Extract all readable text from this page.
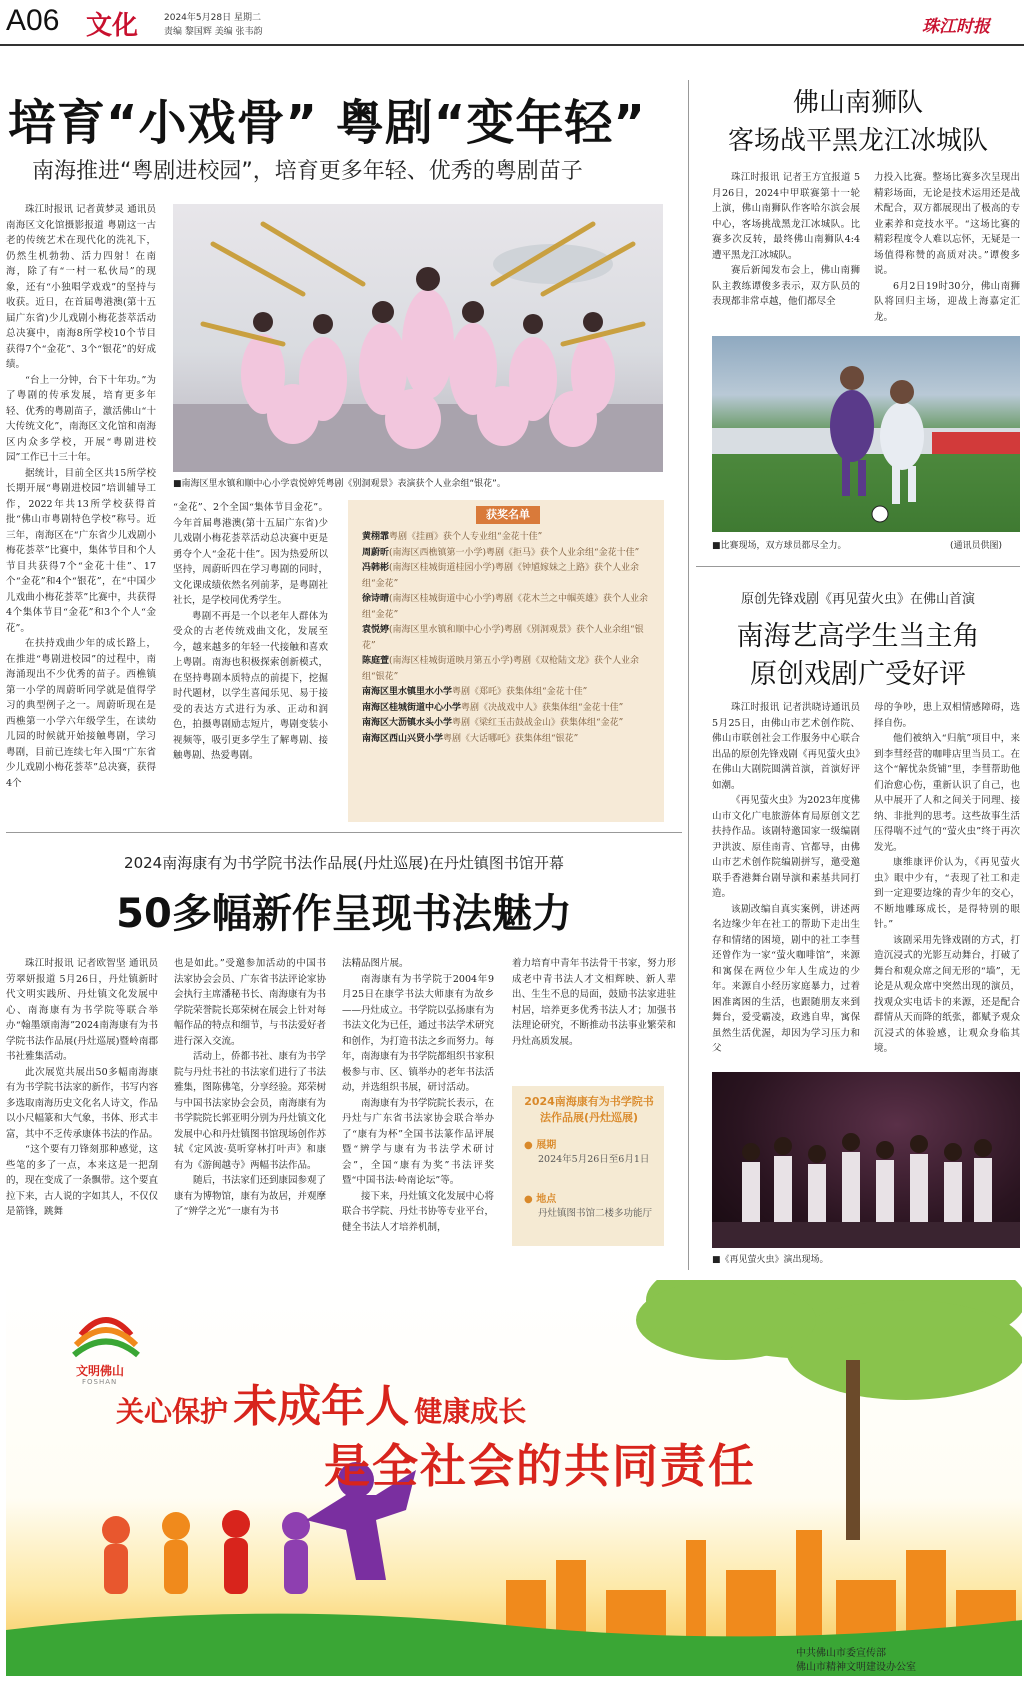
A06 文化	2024年5月28日 星期二
责编 黎国辉 美编 张韦韵	珠江时报
培育“小戏骨” 粤剧“变年轻”
南海推进“粤剧进校园”，培育更多年轻、优秀的粤剧苗子

珠江时报讯 记者黄梦灵 通讯员南海区文化馆摄影报道 粤剧这一古老的传统艺术在现代化的洗礼下，仍然生机勃勃、活力四射！在南海，除了有“一村一私伙局”的现象，还有“小独唱学戏戏”的坚持与收获。近日，在首届粤港澳(第十五届广东省)少儿戏剧小梅花荟萃活动总决赛中，南海8所学校10个节目获得7个“金花”、3个“银花”的好成绩。

“台上一分钟，台下十年功。”为了粤剧的传承发展，培育更多年轻、优秀的粤剧苗子，激活佛山“十大传统文化”，南海区文化馆和南海区内众多学校，开展“粤剧进校园”工作已十三十年。

据统计，目前全区共15所学校长期开展“粤剧进校园”培训辅导工作，2022年共13所学校获得首批“佛山市粤剧特色学校”称号。近三年，南海区在“广东省少儿戏剧小梅花荟萃”比赛中，集体节目和个人节目共获得7个“金花十佳”、17个“金花”和4个“银花”，在“中国少儿戏曲小梅花荟萃”比赛中，共获得4个集体节目“金花”和3个个人“金花”。

在扶持戏曲少年的成长路上，在推进“粤剧进校园”的过程中，南海涌现出不少优秀的苗子。西樵镇第一小学的周蔚昕同学就是值得学习的典型例子之一。周蔚昕现在是西樵第一小学六年级学生，在读幼儿园的时候就开始接触粤剧，学习粤剧，目前已连续七年入围“广东省少儿戏剧小梅花荟萃”总决赛，获得4个

■南海区里水镇和顺中心小学袁悦婷凭粤剧《别洞观景》表演获个人业余组“银花”。

“金花”、2个全国“集体节目金花”。今年首届粤港澳(第十五届广东省)少儿戏剧小梅花荟萃活动总决赛中更是勇夺个人“金花十佳”。因为热爱所以坚持，周蔚昕四在学习粤剧的同时，文化课成绩依然名列前茅，是粤剧社社长，是学校同优秀学生。

粤剧不再是一个以老年人群体为受众的古老传统戏曲文化，发展至今，越来越多的年轻一代接触和喜欢上粤剧。南海也积极探索创新模式，在坚持粤剧本质特点的前提下，挖掘时代题材，以学生喜闻乐见、易于接受的表达方式进行为承、正动和润色，拍摄粤剧励志短片，粤剧变装小视频等，吸引更多学生了解粤剧、接触粤剧、热爱粤剧。

获奖名单
黄栩霏粤剧《挂画》获个人专业组“金花十佳”
周蔚昕(南海区西樵镇第一小学)粤剧《拒马》获个人业余组“金花十佳”
冯韩彬(南海区桂城街道桂园小学)粤剧《钟馗嫁妹之上路》获个人业余组“金花”
徐诗晴(南海区桂城街道中心小学)粤剧《花木兰之中帼英雄》获个人业余组“金花”
袁悦婷(南海区里水镇和顺中心小学)粤剧《别洞观景》获个人业余组“银花”
陈庭萱(南海区桂城街道映月第五小学)粤剧《双枪陆文龙》获个人业余组“银花”
南海区里水镇里水小学粤剧《郑吒》获集体组“金花十佳”
南海区桂城街道中心小学粤剧《决战戏中人》获集体组“金花十佳”
南海区大沥镇水头小学粤剧《梁红玉击鼓战金山》获集体组“金花”
南海区西山兴贤小学粤剧《大话哪吒》获集体组“银花”
佛山南狮队
客场战平黑龙江冰城队

珠江时报讯 记者王方宜报道 5月26日，2024中甲联赛第十一轮上演，佛山南狮队作客哈尔滨会展中心，客场挑战黑龙江冰城队。比赛多次反转，最终佛山南狮队4:4遭平黑龙江冰城队。

赛后新闻发布会上，佛山南狮队主教练谭俊多表示，双方队员的表现都非常卓越，他们都尽全

力投入比赛。整场比赛多次呈现出精彩场面，无论是技术运用还是战术配合，双方都展现出了极高的专业素养和竞技水平。“这场比赛的精彩程度令人难以忘怀，无疑是一场值得称赞的高质对决。”谭俊多说。

6月2日19时30分，佛山南狮队将回归主场，迎战上海嘉定汇龙。

■比赛现场，双方球员都尽全力。	(通讯员供图)
原创先锋戏剧《再见萤火虫》在佛山首演
南海艺高学生当主角
原创戏剧广受好评

珠江时报讯 记者洪晓诗通讯员 5月25日，由佛山市艺术创作院、佛山市联创社会工作服务中心联合出品的原创先锋戏剧《再见萤火虫》在佛山大剧院圆满首演，首演好评如潮。

《再见萤火虫》为2023年度佛山市文化广电旅游体育局原创文艺扶持作品。该剧特邀国家一级编剧尹洪波、原佳南青、官都导，由佛山市艺术创作院编剧拼写，邀受邀联手香港舞台剧导演和素基共同打造。

该剧改编自真实案例，讲述两名边缘少年在社工的帮助下走出生存和情绪的困境，剧中的社工李彗还曾作为一家“萤火咖啡馆”，来源和寓保在两位少年人生成边的少年。来源自小经历家庭暴力，过着困准离困的生活，也跟随朋友来到舞台，爱受霸凌，政逃自卑，寓保虽然生活优渥，却因为学习压力和父

母的争吵，患上双相情感障碍，选择自伤。

他们被纳入“归航”项目中，来到李彗经营的咖啡店里当员工。在这个“解忧杂货铺”里，李彗帮助他们治愈心伤，重新认识了自己，也从中展开了人和之间关于同理、接纳、非批判的思考。这些故事生活压得喘不过气的“萤火虫”终于再次发光。

康维康评价认为，《再见萤火虫》眼中少有，“表现了社工和走到一定迎要边缘的青少年的交心，不断地雕琢成长，是得特别的眼针。”

该剧采用先锋戏剧的方式，打造沉浸式的光影互动舞台，打破了舞台和观众席之间无形的“墙”，无论是从观众席中突然出现的演员，找观众实电话卡的来源，还是配合群情从天而降的纸张，都赋予观众沉浸式的体验感，让观众身临其境。

■《再见萤火虫》演出现场。
2024南海康有为书学院书法作品展(丹灶巡展)在丹灶镇图书馆开幕
50多幅新作呈现书法魅力

珠江时报讯 记者欧智坚 通讯员劳翠妍报道 5月26日，丹灶镇新时代文明实践所、丹灶镇文化发展中心、南海康有为书学院等联合举办“翰墨颂南海”2024南海康有为书学院书法作品展(丹灶巡展)暨岭南郡书社雅集活动。

此次展览共展出50多幅南海康有为书学院书法家的新作，书写内容多选取南海历史文化名人诗文，作品以小尺幅篆和大气象，书体、形式丰富，其中不乏传承康体书法的作品。

“这个要有刀锋刻那种感觉，这些笔的多了一点，本来这是一把刮的，现在变成了一条飘带。这个要直拉下来，古人说的字如其人，不仅仅是箭锋，跳舞

也是如此。”受邀参加活动的中国书法家协会会员、广东省书法评论家协会执行主席潘秘书长、南海康有为书学院荣誉院长郑荣树在展会上针对每幅作品的特点和细节，与书法爱好者进行深入交流。

活动上，侨都书社、康有为书学院与丹灶书社的书法家们进行了书法雅集，图陈佛笔，分享经验。郑荣树与中国书法家协会会员，南海康有为书学院院长郭亚明分别为丹灶镇文化发展中心和丹灶镇图书馆现场创作苏轼《定风波·莫听穿林打叶声》和康有为《游闽越寺》两幅书法作品。

随后，书法家们还到康园参观了康有为博物馆，康有为故居，并观摩了“辨学之光”一康有为书

法精品图片展。

南海康有为书学院于2004年9月25日在康学书法大师康有为故乡——丹灶成立。书学院以弘扬康有为书法文化为已任，通过书法学术研究和创作，为打造书法之乡而努力。每年，南海康有为书学院都组织书家积极参与市、区、镇举办的老年书法活动，并选组织书展，研讨活动。

南海康有为书学院院长表示，在丹灶与广东省书法家协会联合举办了“康有为杯”全国书法篆作品评展暨“辨学与康有为书法学术研讨会”，全国“康有为奖”书法评奖暨“中国书法·岭南论坛”等。

接下来，丹灶镇文化发展中心将联合书学院、丹灶书协等专业平台，健全书法人才培养机制，

着力培育中青年书法骨干书家，努力形成老中青书法人才文相辉映、新人辈出、生生不息的局面，鼓励书法家进驻村居，培养更多优秀书法人才；加强书法理论研究，不断推动书法事业繁荣和丹灶高质发展。

2024南海康有为书学院书法作品展(丹灶巡展)
● 展期
2024年5月26日至6月1日
● 地点
丹灶镇图书馆二楼多功能厅
文明佛山
FOSHAN
关心保护 未成年人 健康成长
是全社会的共同责任
中共佛山市委宣传部
佛山市精神文明建设办公室
